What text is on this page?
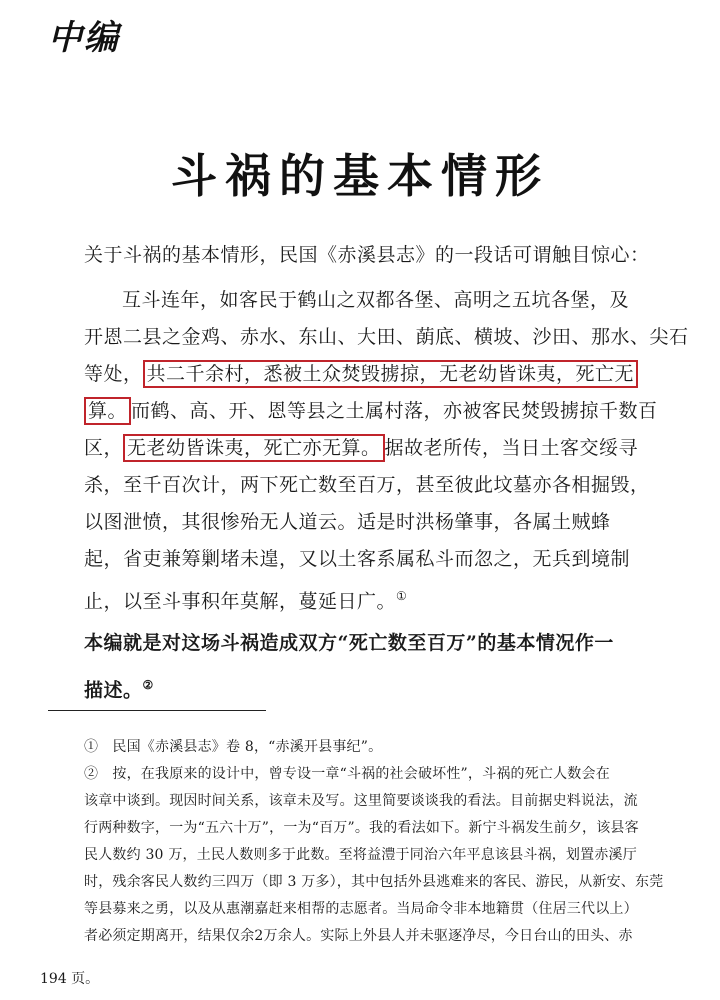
中编
斗祸的基本情形
关于斗祸的基本情形，民国《赤溪县志》的一段话可谓触目惊心：
互斗连年，如客民于鹤山之双都各堡、高明之五坑各堡，及
开恩二县之金鸡、赤水、东山、大田、蓢底、横坡、沙田、那水、尖石
等处， 共二千余村，悉被土众焚毁掳掠，无老幼皆诛夷，死亡无
算。 而鹤、高、开、恩等县之土属村落，亦被客民焚毁掳掠千数百
区， 无老幼皆诛夷，死亡亦无算。 据故老所传，当日土客交绥寻
杀，至千百次计，两下死亡数至百万，甚至彼此坟墓亦各相掘毁，
以图泄愤，其很惨殆无人道云。适是时洪杨肇事，各属土贼蜂
起，省吏兼筹剿堵未遑，又以土客系属私斗而忽之，无兵到境制
止，以至斗事积年莫解，蔓延日广。①
本编就是对这场斗祸造成双方“死亡数至百万”的基本情况作一
描述。②
①　民国《赤溪县志》卷 8，“赤溪开县事纪”。
②　按，在我原来的设计中，曾专设一章“斗祸的社会破坏性”，斗祸的死亡人数会在
该章中谈到。现因时间关系，该章未及写。这里简要谈谈我的看法。目前据史料说法，流
行两种数字，一为“五六十万”，一为“百万”。我的看法如下。新宁斗祸发生前夕，该县客
民人数约 30 万，土民人数则多于此数。至将益澧于同治六年平息该县斗祸，划置赤溪厅
时，残余客民人数约三四万（即 3 万多），其中包括外县逃难来的客民、游民，从新安、东莞
等县募来之勇，以及从惠潮嘉赶来相帮的志愿者。当局命令非本地籍贯（住居三代以上）
者必须定期离开，结果仅余2万余人。实际上外县人并未驱逐净尽，今日台山的田头、赤
194 页。
